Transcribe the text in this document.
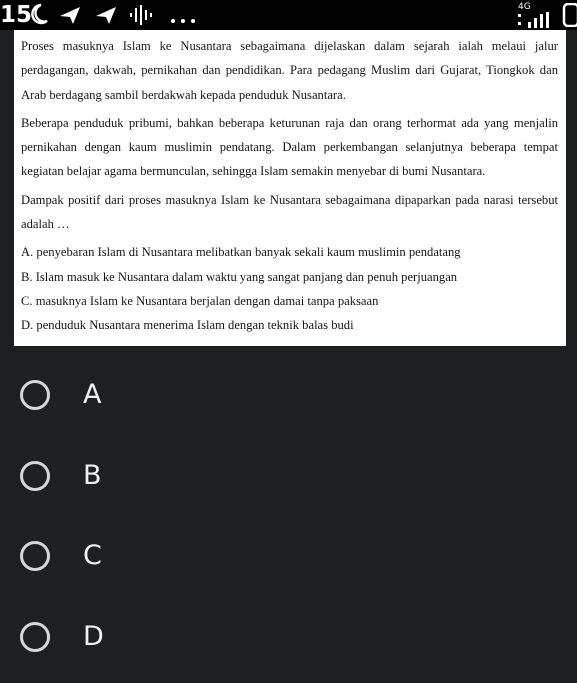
15	4G

Proses masuknya Islam ke Nusantara sebagaimana dijelaskan dalam sejarah ialah melaui jalur perdagangan, dakwah, pernikahan dan pendidikan. Para pedagang Muslim dari Gujarat, Tiongkok dan Arab berdagang sambil berdakwah kepada penduduk Nusantara.

Beberapa penduduk pribumi, bahkan beberapa keturunan raja dan orang terhormat ada yang menjalin pernikahan dengan kaum muslimin pendatang. Dalam perkembangan selanjutnya beberapa tempat kegiatan belajar agama bermunculan, sehingga Islam semakin menyebar di bumi Nusantara.

Dampak positif dari proses masuknya Islam ke Nusantara sebagaimana dipaparkan pada narasi tersebut adalah …

A. penyebaran Islam di Nusantara melibatkan banyak sekali kaum muslimin pendatang

B. Islam masuk ke Nusantara dalam waktu yang sangat panjang dan penuh perjuangan

C. masuknya Islam ke Nusantara berjalan dengan damai tanpa paksaan

D. penduduk Nusantara menerima Islam dengan teknik balas budi

A
B
C
D
